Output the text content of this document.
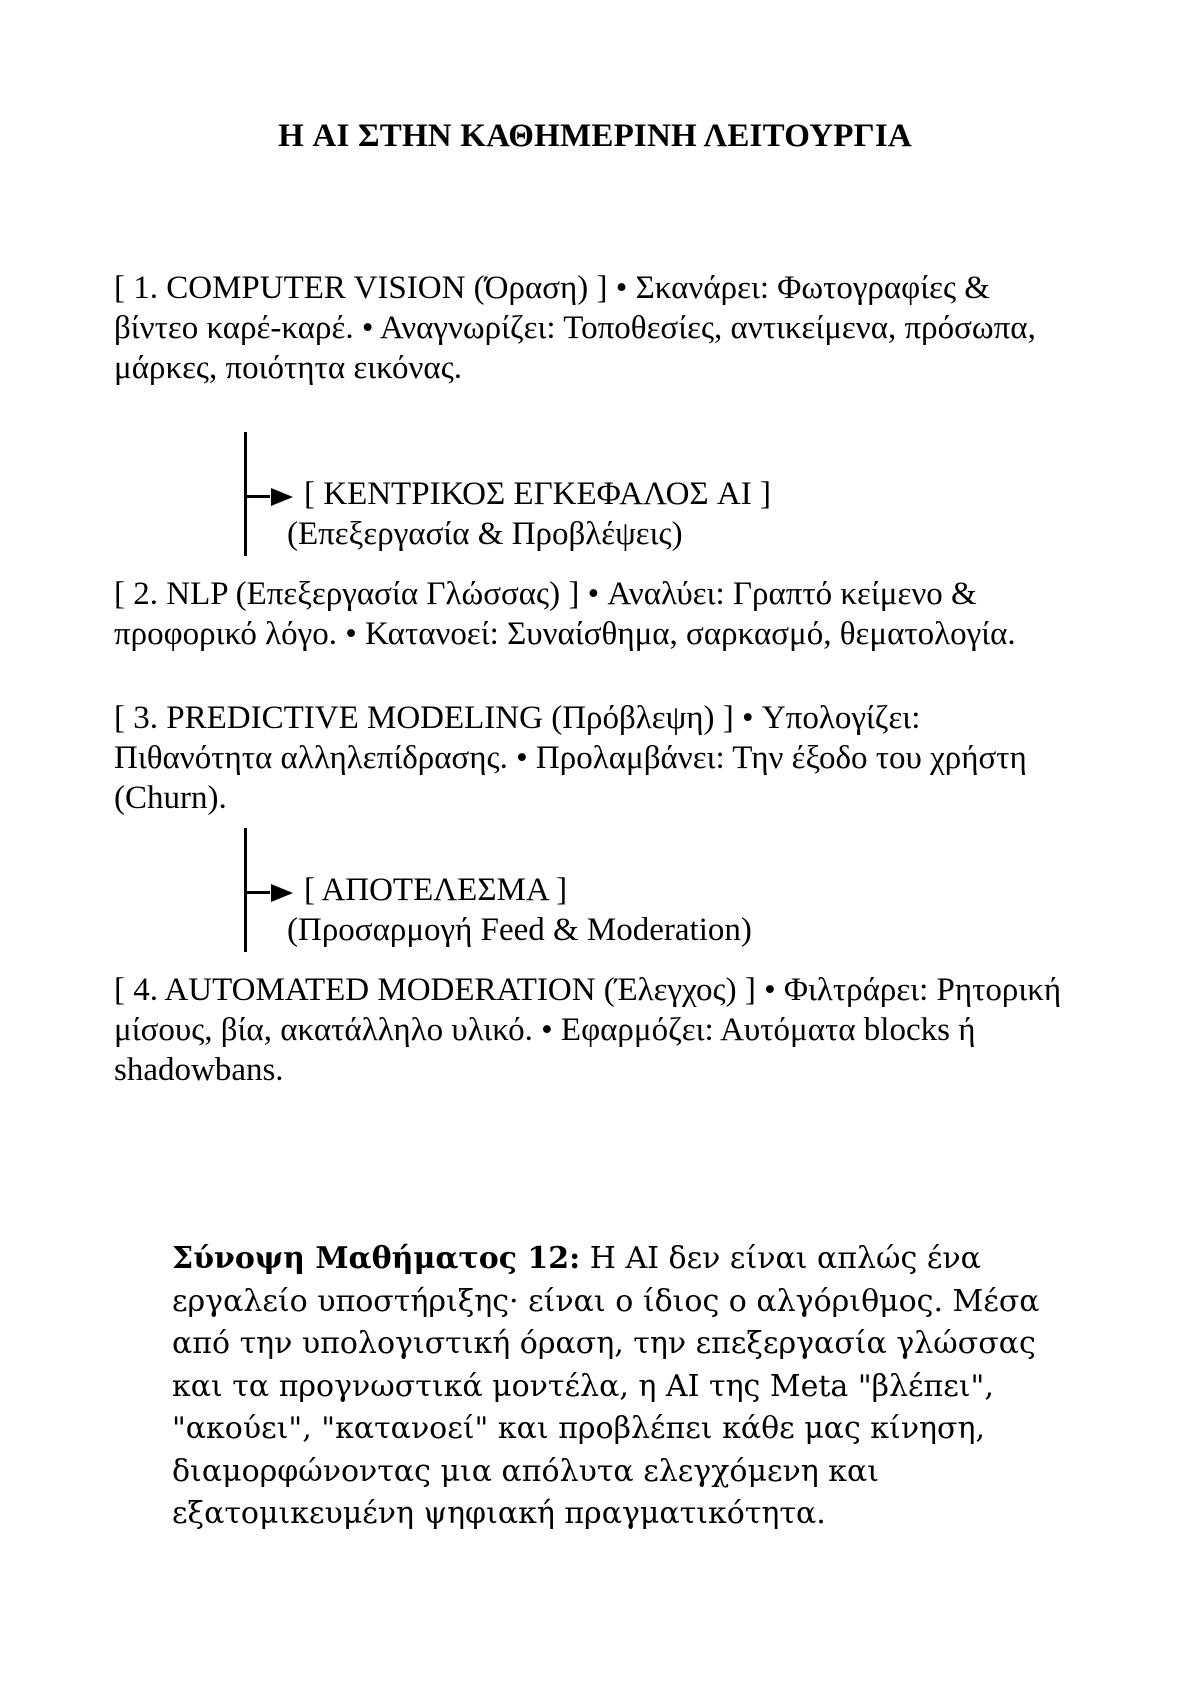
Η AI ΣΤΗΝ ΚΑΘΗΜΕΡΙΝΗ ΛΕΙΤΟΥΡΓΙΑ
[ 1. COMPUTER VISION (Όραση) ] • Σκανάρει: Φωτογραφίες & βίντεο καρέ-καρέ. • Αναγνωρίζει: Τοποθεσίες, αντικείμενα, πρόσωπα, μάρκες, ποιότητα εικόνας.
[ ΚΕΝΤΡΙΚΟΣ ΕΓΚΕΦΑΛΟΣ AI ]
(Επεξεργασία & Προβλέψεις)
[ 2. NLP (Επεξεργασία Γλώσσας) ] • Αναλύει: Γραπτό κείμενο & προφορικό λόγο. • Κατανοεί: Συναίσθημα, σαρκασμό, θεματολογία.
[ 3. PREDICTIVE MODELING (Πρόβλεψη) ] • Υπολογίζει: Πιθανότητα αλληλεπίδρασης. • Προλαμβάνει: Την έξοδο του χρήστη (Churn).
[ ΑΠΟΤΕΛΕΣΜΑ ]
(Προσαρμογή Feed & Moderation)
[ 4. AUTOMATED MODERATION (Έλεγχος) ] • Φιλτράρει: Ρητορική μίσους, βία, ακατάλληλο υλικό. • Εφαρμόζει: Αυτόματα blocks ή shadowbans.
Σύνοψη Μαθήματος 12: Η AI δεν είναι απλώς ένα εργαλείο υποστήριξης· είναι ο ίδιος ο αλγόριθμος. Μέσα από την υπολογιστική όραση, την επεξεργασία γλώσσας και τα προγνωστικά μοντέλα, η AI της Meta "βλέπει", "ακούει", "κατανοεί" και προβλέπει κάθε μας κίνηση, διαμορφώνοντας μια απόλυτα ελεγχόμενη και εξατομικευμένη ψηφιακή πραγματικότητα.
